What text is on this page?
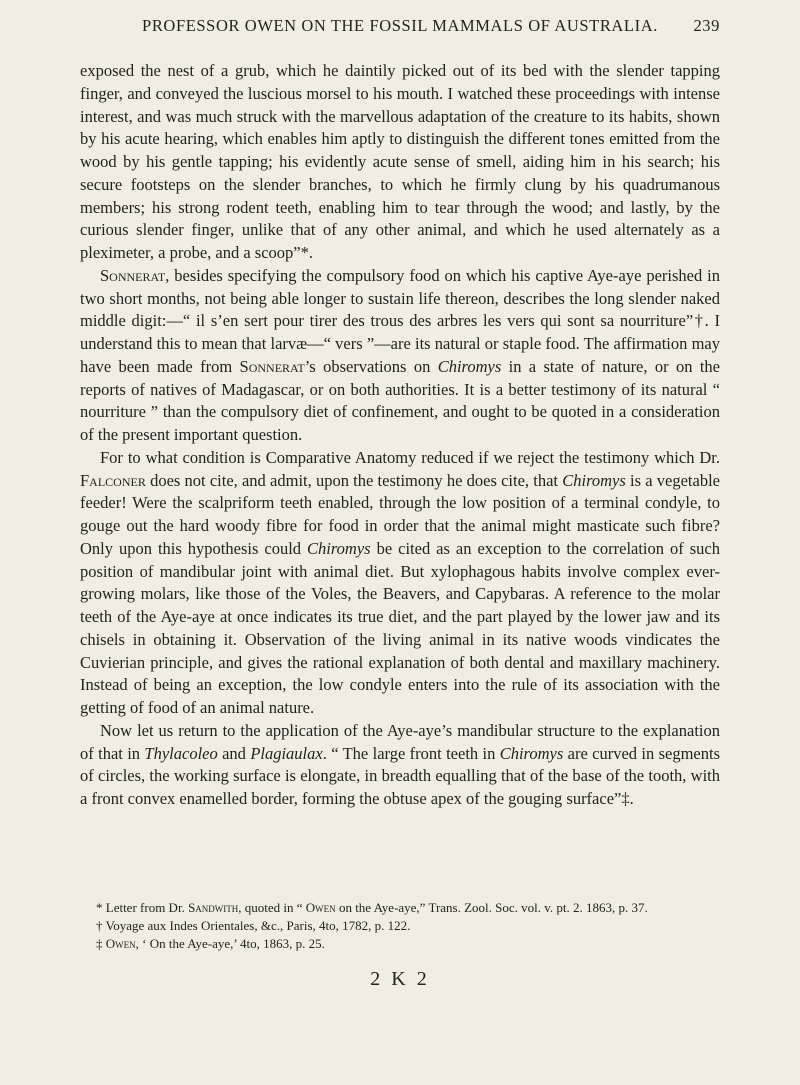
PROFESSOR OWEN ON THE FOSSIL MAMMALS OF AUSTRALIA.	239

exposed the nest of a grub, which he daintily picked out of its bed with the slender tapping finger, and conveyed the luscious morsel to his mouth. I watched these proceedings with intense interest, and was much struck with the marvellous adaptation of the creature to its habits, shown by his acute hearing, which enables him aptly to distinguish the different tones emitted from the wood by his gentle tapping; his evidently acute sense of smell, aiding him in his search; his secure footsteps on the slender branches, to which he firmly clung by his quadrumanous members; his strong rodent teeth, enabling him to tear through the wood; and lastly, by the curious slender finger, unlike that of any other animal, and which he used alternately as a pleximeter, a probe, and a scoop”*.

Sonnerat, besides specifying the compulsory food on which his captive Aye-aye perished in two short months, not being able longer to sustain life thereon, describes the long slender naked middle digit:—“ il s’en sert pour tirer des trous des arbres les vers qui sont sa nourriture”†. I understand this to mean that larvæ—“ vers ”—are its natural or staple food. The affirmation may have been made from Sonnerat’s observations on Chiromys in a state of nature, or on the reports of natives of Madagascar, or on both authorities. It is a better testimony of its natural “ nourriture ” than the compulsory diet of confinement, and ought to be quoted in a consideration of the present important question.

For to what condition is Comparative Anatomy reduced if we reject the testimony which Dr. Falconer does not cite, and admit, upon the testimony he does cite, that Chiromys is a vegetable feeder! Were the scalpriform teeth enabled, through the low position of a terminal condyle, to gouge out the hard woody fibre for food in order that the animal might masticate such fibre? Only upon this hypothesis could Chiromys be cited as an exception to the correlation of such position of mandibular joint with animal diet. But xylophagous habits involve complex ever-growing molars, like those of the Voles, the Beavers, and Capybaras. A reference to the molar teeth of the Aye-aye at once indicates its true diet, and the part played by the lower jaw and its chisels in obtaining it. Observation of the living animal in its native woods vindicates the Cuvierian principle, and gives the rational explanation of both dental and maxillary machinery. Instead of being an exception, the low condyle enters into the rule of its association with the getting of food of an animal nature.

Now let us return to the application of the Aye-aye’s mandibular structure to the explanation of that in Thylacoleo and Plagiaulax. “ The large front teeth in Chiromys are curved in segments of circles, the working surface is elongate, in breadth equalling that of the base of the tooth, with a front convex enamelled border, forming the obtuse apex of the gouging surface”‡.

* Letter from Dr. Sandwith, quoted in “ Owen on the Aye-aye,” Trans. Zool. Soc. vol. v. pt. 2. 1863, p. 37.

† Voyage aux Indes Orientales, &c., Paris, 4to, 1782, p. 122.

‡ Owen, ‘ On the Aye-aye,’ 4to, 1863, p. 25.

2 K 2
